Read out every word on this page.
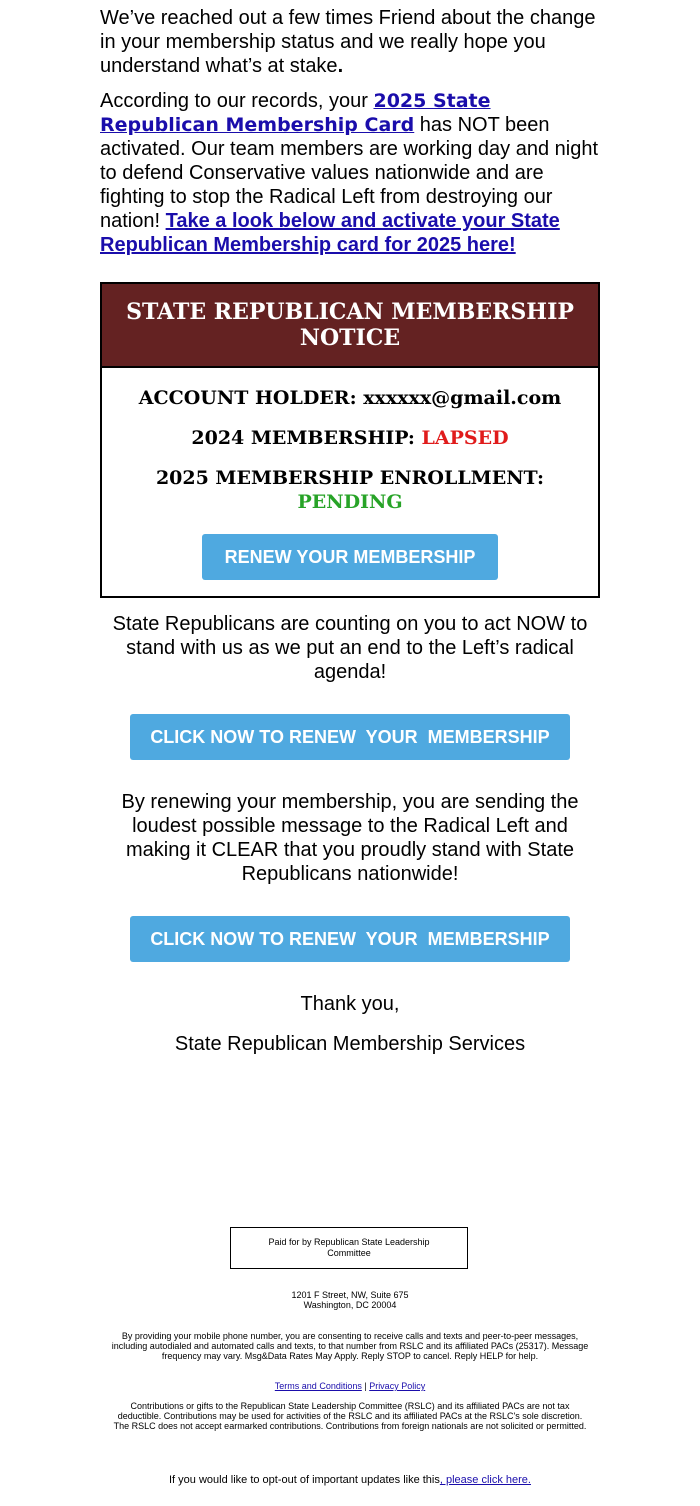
We’ve reached out a few times Friend about the change in your membership status and we really hope you understand what’s at stake.

According to our records, your 2025 State Republican Membership Card has NOT been activated. Our team members are working day and night to defend Conservative values nationwide and are fighting to stop the Radical Left from destroying our nation! Take a look below and activate your State Republican Membership card for 2025 here!

STATE REPUBLICAN MEMBERSHIP NOTICE
ACCOUNT HOLDER: xxxxxx@gmail.com
2024 MEMBERSHIP: LAPSED
2025 MEMBERSHIP ENROLLMENT:
PENDING
RENEW YOUR MEMBERSHIP
State Republicans are counting on you to act NOW to stand with us as we put an end to the Left’s radical agenda!
CLICK NOW TO RENEW  YOUR  MEMBERSHIP
By renewing your membership, you are sending the loudest possible message to the Radical Left and making it CLEAR that you proudly stand with State Republicans nationwide!
CLICK NOW TO RENEW  YOUR  MEMBERSHIP
Thank you,
State Republican Membership Services
Paid for by Republican State Leadership Committee
1201 F Street, NW, Suite 675
Washington, DC 20004
By providing your mobile phone number, you are consenting to receive calls and texts and peer-to-peer messages, including autodialed and automated calls and texts, to that number from RSLC and its affiliated PACs (25317). Message frequency may vary. Msg&Data Rates May Apply. Reply STOP to cancel. Reply HELP for help.
Terms and Conditions | Privacy Policy
Contributions or gifts to the Republican State Leadership Committee (RSLC) and its affiliated PACs are not tax deductible. Contributions may be used for activities of the RSLC and its affiliated PACs at the RSLC's sole discretion. The RSLC does not accept earmarked contributions. Contributions from foreign nationals are not solicited or permitted.
If you would like to opt-out of important updates like this, please click here.
